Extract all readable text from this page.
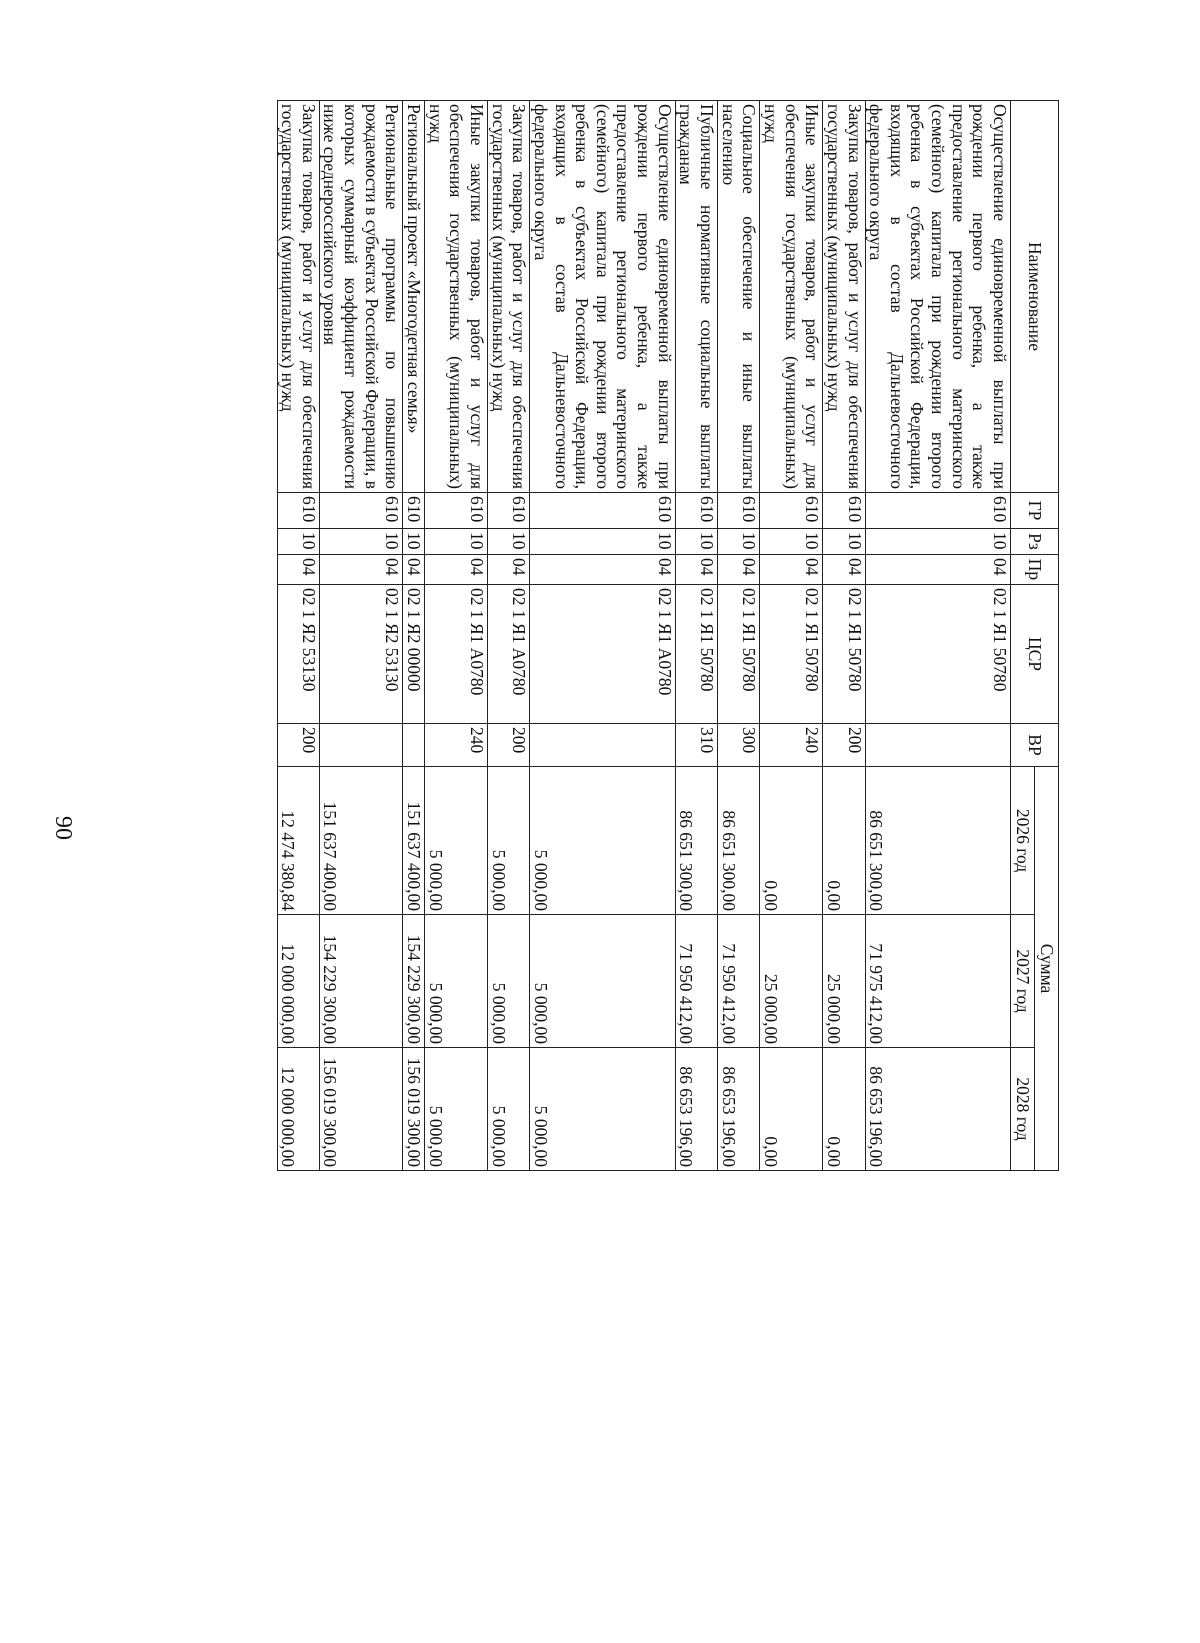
90
Наименование	ГР	Рз	Пр	ЦСР	ВР	Сумма		
						2026 год	2027 год	2028 год
Осуществление единовременной выплаты при рождении первого ребенка, а также предоставление регионального материнского (семейного) капитала при рождении второго ребенка в субъектах Российской Федерации, входящих в состав Дальневосточного федерального округа	610	10	04	02 1 Я1 50780		86 651 300,00	71 975 412,00	86 653 196,00
Закупка товаров, работ и услуг для обеспечения государственных (муниципальных) нужд	610	10	04	02 1 Я1 50780	200	0,00	25 000,00	0,00
Иные закупки товаров, работ и услуг для обеспечения государственных (муниципальных) нужд	610	10	04	02 1 Я1 50780	240	0,00	25 000,00	0,00
Социальное обеспечение и иные выплаты населению	610	10	04	02 1 Я1 50780	300	86 651 300,00	71 950 412,00	86 653 196,00
Публичные нормативные социальные выплаты гражданам	610	10	04	02 1 Я1 50780	310	86 651 300,00	71 950 412,00	86 653 196,00
Осуществление единовременной выплаты при рождении первого ребенка, а также предоставление регионального материнского (семейного) капитала при рождении второго ребенка в субъектах Российской Федерации, входящих в состав Дальневосточного федерального округа	610	10	04	02 1 Я1 А0780		5 000,00	5 000,00	5 000,00
Закупка товаров, работ и услуг для обеспечения государственных (муниципальных) нужд	610	10	04	02 1 Я1 А0780	200	5 000,00	5 000,00	5 000,00
Иные закупки товаров, работ и услуг для обеспечения государственных (муниципальных) нужд	610	10	04	02 1 Я1 А0780	240	5 000,00	5 000,00	5 000,00
Региональный проект «Многодетная семья»	610	10	04	02 1 Я2 00000		151 637 400,00	154 229 300,00	156 019 300,00
Региональные программы по повышению рождаемости в субъектах Российской Федерации, в которых суммарный коэффициент рождаемости ниже среднероссийского уровня	610	10	04	02 1 Я2 53130		151 637 400,00	154 229 300,00	156 019 300,00
Закупка товаров, работ и услуг для обеспечения государственных (муниципальных) нужд	610	10	04	02 1 Я2 53130	200	12 474 380,84	12 000 000,00	12 000 000,00
